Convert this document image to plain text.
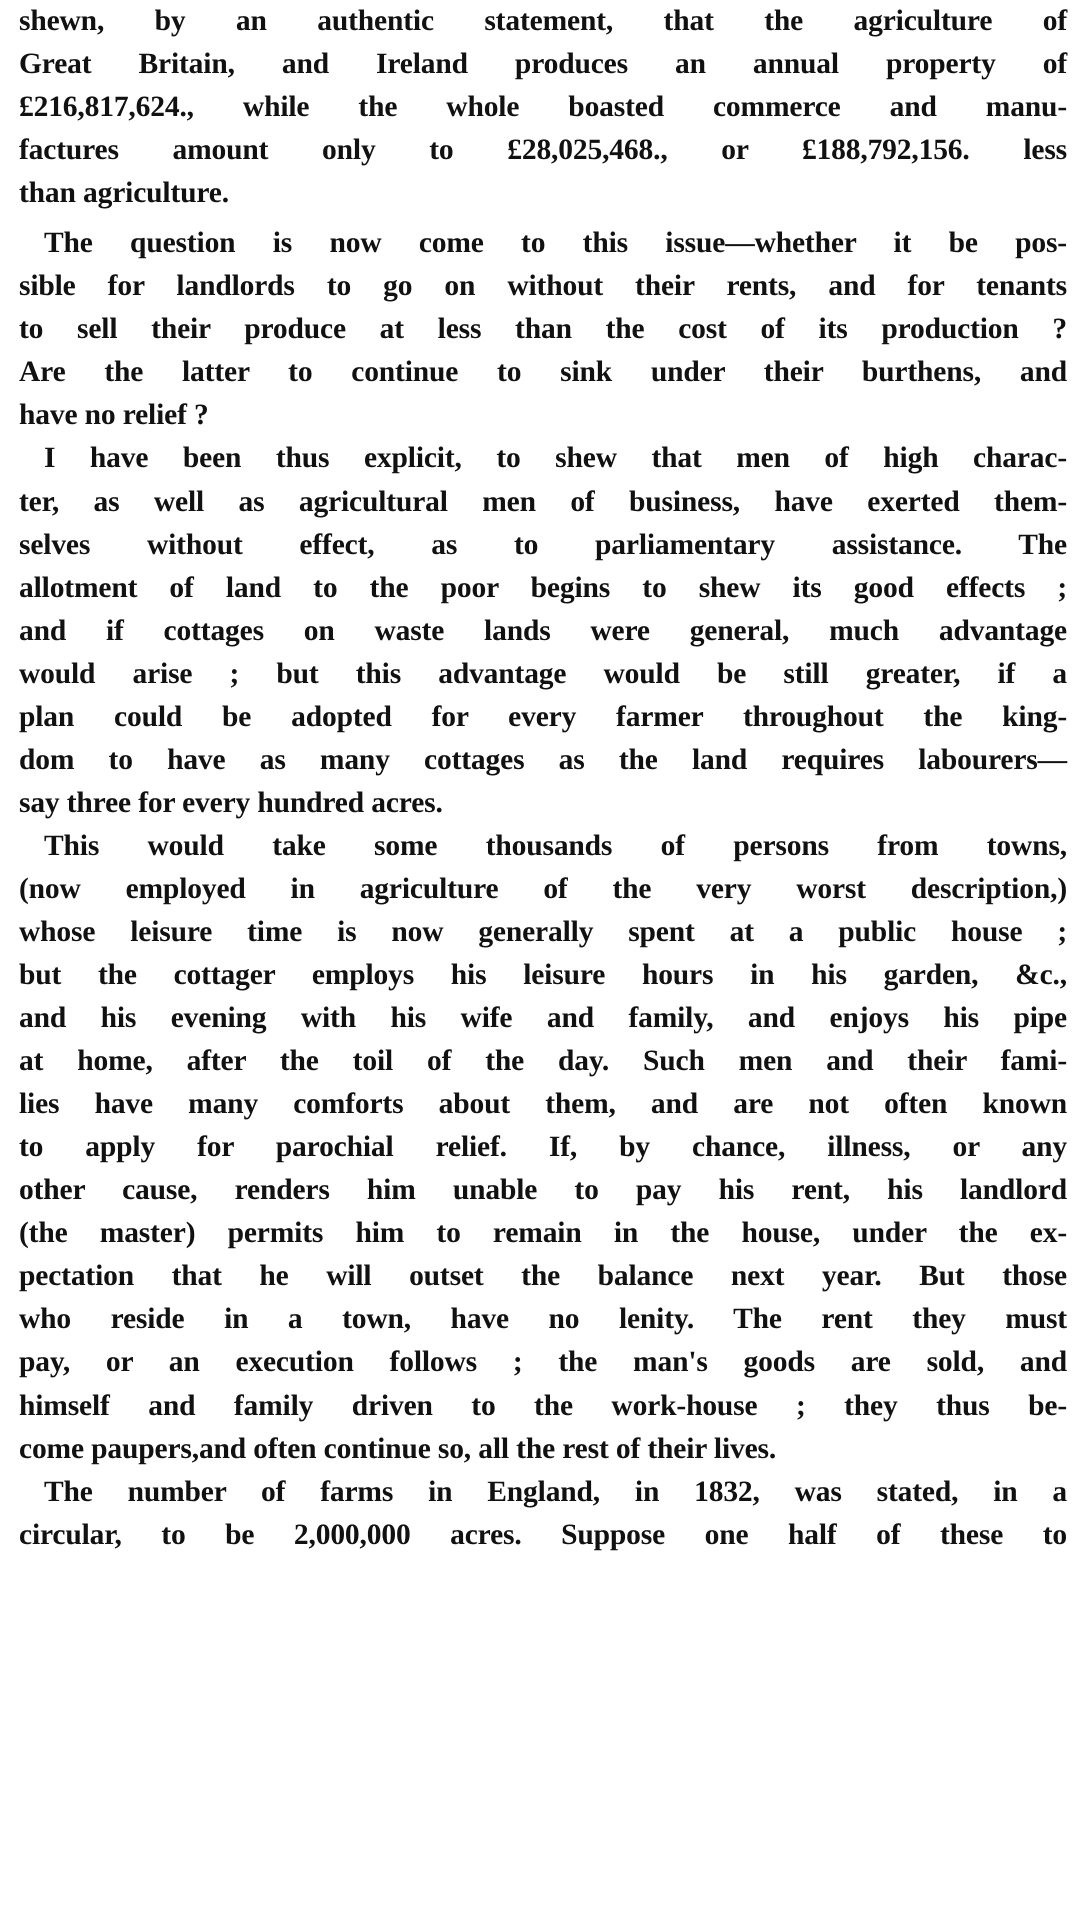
shewn, by an authentic statement, that the agriculture of
Great Britain, and Ireland produces an annual property of
£216,817,624., while the whole boasted commerce and manu-
factures amount only to £28,025,468., or £188,792,156. less
than agriculture.
The question is now come to this issue—whether it be pos-
sible for landlords to go on without their rents, and for tenants
to sell their produce at less than the cost of its production ?
Are the latter to continue to sink under their burthens, and
have no relief ?
I have been thus explicit, to shew that men of high charac-
ter, as well as agricultural men of business, have exerted them-
selves without effect, as to parliamentary assistance. The
allotment of land to the poor begins to shew its good effects ;
and if cottages on waste lands were general, much advantage
would arise ; but this advantage would be still greater, if a
plan could be adopted for every farmer throughout the king-
dom to have as many cottages as the land requires labourers—
say three for every hundred acres.
This would take some thousands of persons from towns,
(now employed in agriculture of the very worst description,)
whose leisure time is now generally spent at a public house ;
but the cottager employs his leisure hours in his garden, &c.,
and his evening with his wife and family, and enjoys his pipe
at home, after the toil of the day. Such men and their fami-
lies have many comforts about them, and are not often known
to apply for parochial relief. If, by chance, illness, or any
other cause, renders him unable to pay his rent, his landlord
(the master) permits him to remain in the house, under the ex-
pectation that he will outset the balance next year. But those
who reside in a town, have no lenity. The rent they must
pay, or an execution follows ; the man's goods are sold, and
himself and family driven to the work-house ; they thus be-
come paupers,and often continue so, all the rest of their lives.
The number of farms in England, in 1832, was stated, in a
circular, to be 2,000,000 acres. Suppose one half of these to
